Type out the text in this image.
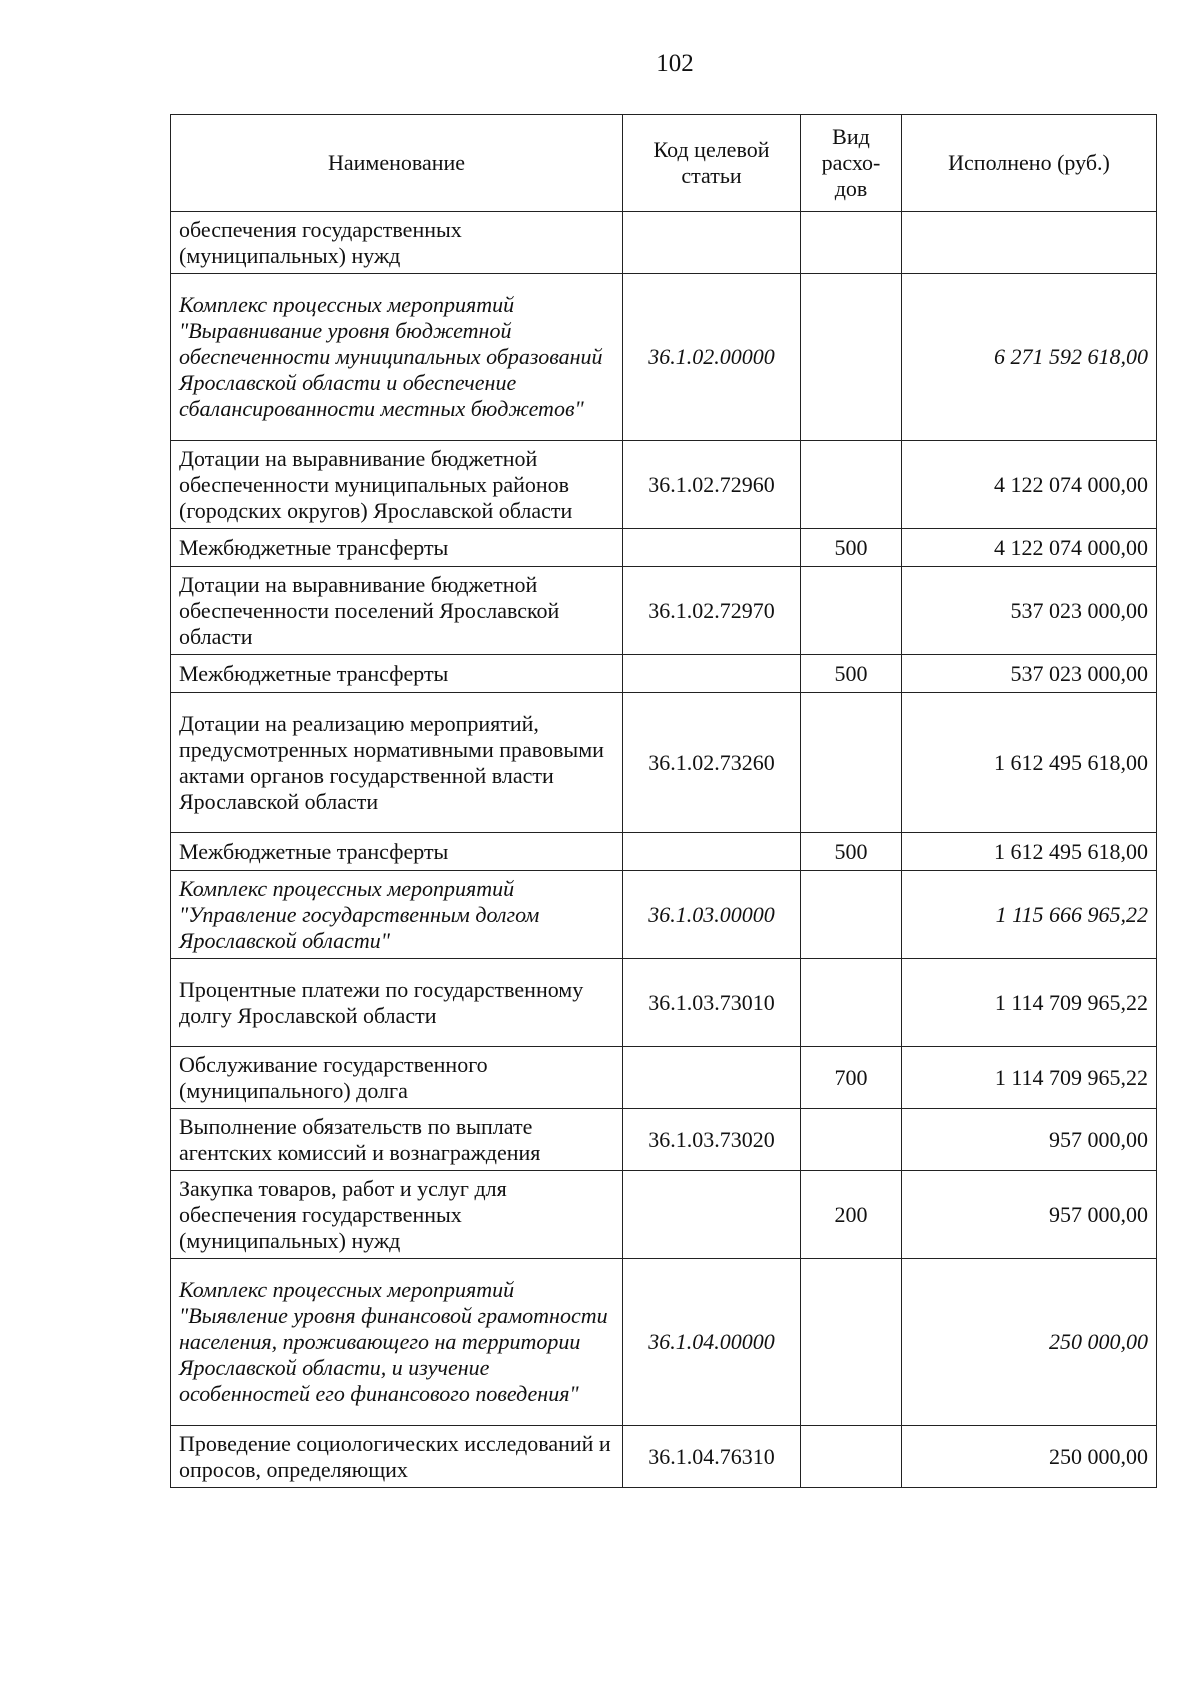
102
Наименование	Код целевой статьи	Вид расхо-дов	Исполнено (руб.)
обеспечения государственных (муниципальных) нужд			
Комплекс процессных мероприятий "Выравнивание уровня бюджетной обеспеченности муниципальных образований Ярославской области и обеспечение сбалансированности местных бюджетов"	36.1.02.00000		6 271 592 618,00
Дотации на выравнивание бюджетной обеспеченности муниципальных районов (городских округов) Ярославской области	36.1.02.72960		4 122 074 000,00
Межбюджетные трансферты		500	4 122 074 000,00
Дотации на выравнивание бюджетной обеспеченности поселений Ярославской области	36.1.02.72970		537 023 000,00
Межбюджетные трансферты		500	537 023 000,00
Дотации на реализацию мероприятий, предусмотренных нормативными правовыми актами органов государственной власти Ярославской области	36.1.02.73260		1 612 495 618,00
Межбюджетные трансферты		500	1 612 495 618,00
Комплекс процессных мероприятий "Управление государственным долгом Ярославской области"	36.1.03.00000		1 115 666 965,22
Процентные платежи по государственному долгу Ярославской области	36.1.03.73010		1 114 709 965,22
Обслуживание государственного (муниципального) долга		700	1 114 709 965,22
Выполнение обязательств по выплате агентских комиссий и вознаграждения	36.1.03.73020		957 000,00
Закупка товаров, работ и услуг для обеспечения государственных (муниципальных) нужд		200	957 000,00
Комплекс процессных мероприятий "Выявление уровня финансовой грамотности населения, проживающего на территории Ярославской области, и изучение особенностей его финансового поведения"	36.1.04.00000		250 000,00
Проведение социологических исследований и опросов, определяющих	36.1.04.76310		250 000,00
